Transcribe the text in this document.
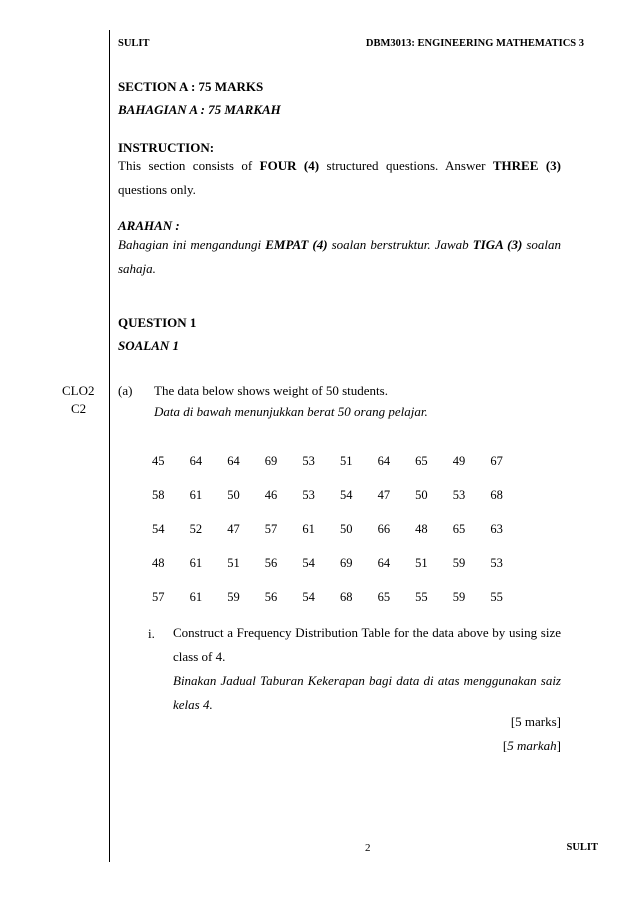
SULIT	DBM3013: ENGINEERING MATHEMATICS 3
SECTION A : 75 MARKS
BAHAGIAN A : 75 MARKAH
INSTRUCTION:
This section consists of FOUR (4) structured questions. Answer THREE (3) questions only.
ARAHAN :
Bahagian ini mengandungi EMPAT (4) soalan berstruktur. Jawab TIGA (3) soalan sahaja.
QUESTION 1
SOALAN 1
CLO2
C2
(a) The data below shows weight of 50 students.
Data di bawah menunjukkan berat 50 orang pelajar.
45	64	64	69	53	51	64	65	49	67
58	61	50	46	53	54	47	50	53	68
54	52	47	57	61	50	66	48	65	63
48	61	51	56	54	69	64	51	59	53
57	61	59	56	54	68	65	55	59	55
i. Construct a Frequency Distribution Table for the data above by using size class of 4.
Binakan Jadual Taburan Kekerapan bagi data di atas menggunakan saiz kelas 4.
[5 marks]
[5 markah]
2	SULIT
